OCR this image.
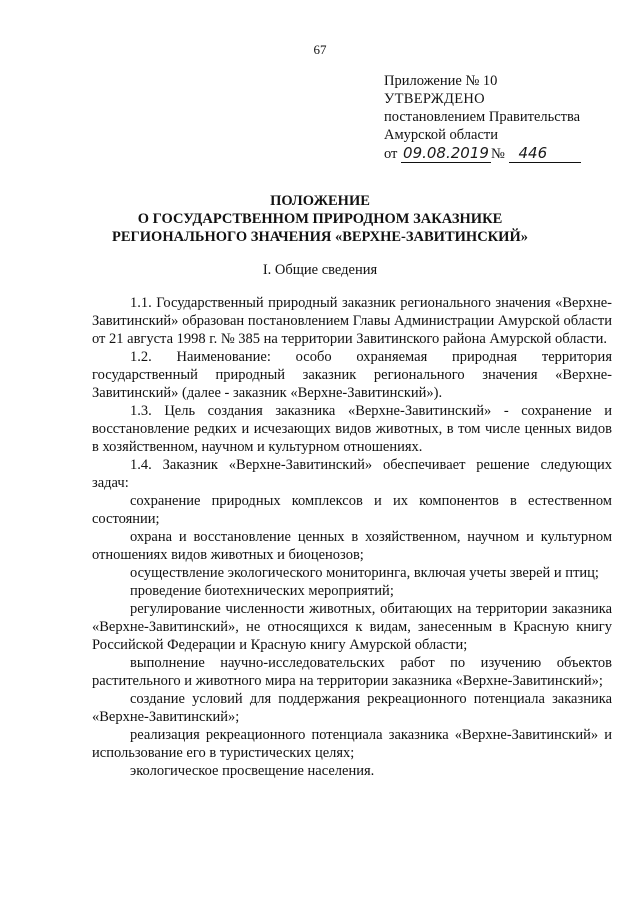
67
Приложение № 10
УТВЕРЖДЕНО
постановлением Правительства
Амурской области
от 09.08.2019 № 446
ПОЛОЖЕНИЕ
О ГОСУДАРСТВЕННОМ ПРИРОДНОМ ЗАКАЗНИКЕ
РЕГИОНАЛЬНОГО ЗНАЧЕНИЯ «ВЕРХНЕ-ЗАВИТИНСКИЙ»
I. Общие сведения

1.1. Государственный природный заказник регионального значения «Верхне-Завитинский» образован постановлением Главы Администрации Амурской области от 21 августа 1998 г. № 385 на территории Завитинского района Амурской области.

1.2. Наименование: особо охраняемая природная территория государственный природный заказник регионального значения «Верхне-Завитинский» (далее - заказник «Верхне-Завитинский»).

1.3. Цель создания заказника «Верхне-Завитинский» - сохранение и восстановление редких и исчезающих видов животных, в том числе ценных видов в хозяйственном, научном и культурном отношениях.

1.4. Заказник «Верхне-Завитинский» обеспечивает решение следующих задач:

сохранение природных комплексов и их компонентов в естественном состоянии;

охрана и восстановление ценных в хозяйственном, научном и культурном отношениях видов животных и биоценозов;

осуществление экологического мониторинга, включая учеты зверей и птиц;

проведение биотехнических мероприятий;

регулирование численности животных, обитающих на территории заказника «Верхне-Завитинский», не относящихся к видам, занесенным в Красную книгу Российской Федерации и Красную книгу Амурской области;

выполнение научно-исследовательских работ по изучению объектов растительного и животного мира на территории заказника «Верхне-Завитинский»;

создание условий для поддержания рекреационного потенциала заказника «Верхне-Завитинский»;

реализация рекреационного потенциала заказника «Верхне-Завитинский» и использование его в туристических целях;

экологическое просвещение населения.
